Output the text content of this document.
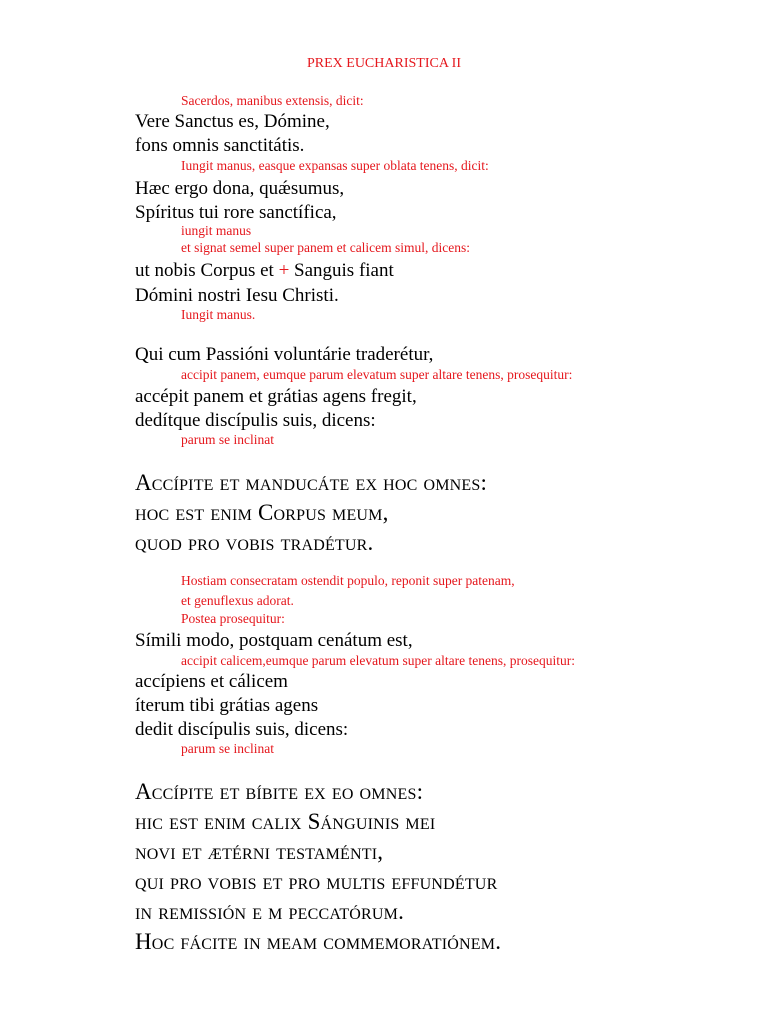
PREX EUCHARISTICA II
Sacerdos, manibus extensis, dicit:
Vere Sanctus es, Dómine,
fons omnis sanctitátis.
Iungit manus, easque expansas super oblata tenens, dicit:
Hæc ergo dona, quǽsumus,
Spíritus tui rore sanctífica,
iungit manus
et signat semel super panem et calicem simul, dicens:
ut nobis Corpus et + Sanguis fiant
Dómini nostri Iesu Christi.
Iungit manus.
Qui cum Passióni voluntárie traderétur,
accipit panem, eumque parum elevatum super altare tenens, prosequitur:
accépit panem et grátias agens fregit,
dedítque discípulis suis, dicens:
parum se inclinat
Accípite et manducáte ex hoc omnes:
hoc est enim Corpus meum,
quod pro vobis tradétur.
Hostiam consecratam ostendit populo, reponit super patenam,
et genuflexus adorat.
Postea prosequitur:
Símili modo, postquam cenátum est,
accipit calicem,eumque parum elevatum super altare tenens, prosequitur:
accípiens et cálicem
íterum tibi grátias agens
dedit discípulis suis, dicens:
parum se inclinat
Accípite et bíbite ex eo omnes:
hic est enim calix Sánguinis mei
novi et ætérni testaménti,
qui pro vobis et pro multis effundétur
in remissión e m peccatórum.
Hoc fácite in meam commemoratiónem.
